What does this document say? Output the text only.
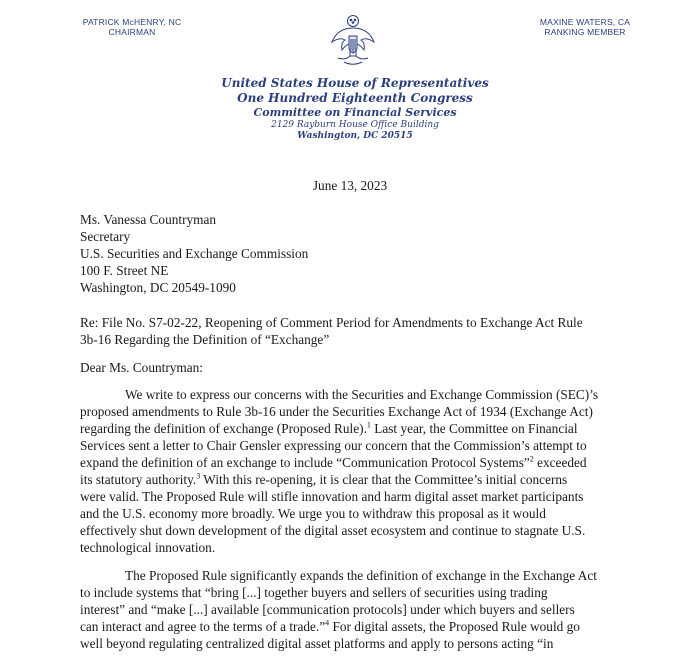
PATRICK McHENRY, NC
CHAIRMAN
MAXINE WATERS, CA
RANKING MEMBER
United States House of Representatives
One Hundred Eighteenth Congress
Committee on Financial Services
2129 Rayburn House Office Building
Washington, DC 20515
June 13, 2023
Ms. Vanessa Countryman
Secretary
U.S. Securities and Exchange Commission
100 F. Street NE
Washington, DC 20549-1090
Re: File No. S7-02-22, Reopening of Comment Period for Amendments to Exchange Act Rule
3b-16 Regarding the Definition of “Exchange”
Dear Ms. Countryman:
We write to express our concerns with the Securities and Exchange Commission (SEC)’s
proposed amendments to Rule 3b-16 under the Securities Exchange Act of 1934 (Exchange Act)
regarding the definition of exchange (Proposed Rule).$^1$ Last year, the Committee on Financial
Services sent a letter to Chair Gensler expressing our concern that the Commission’s attempt to
expand the definition of an exchange to include “Communication Protocol Systems”$^2$ exceeded
its statutory authority.$^3$ With this re-opening, it is clear that the Committee’s initial concerns
were valid. The Proposed Rule will stifle innovation and harm digital asset market participants
and the U.S. economy more broadly. We urge you to withdraw this proposal as it would
effectively shut down development of the digital asset ecosystem and continue to stagnate U.S.
technological innovation.
The Proposed Rule significantly expands the definition of exchange in the Exchange Act
to include systems that “bring [...] together buyers and sellers of securities using trading
interest” and “make [...] available [communication protocols] under which buyers and sellers
can interact and agree to the terms of a trade.”$^4$ For digital assets, the Proposed Rule would go
well beyond regulating centralized digital asset platforms and apply to persons acting “in
